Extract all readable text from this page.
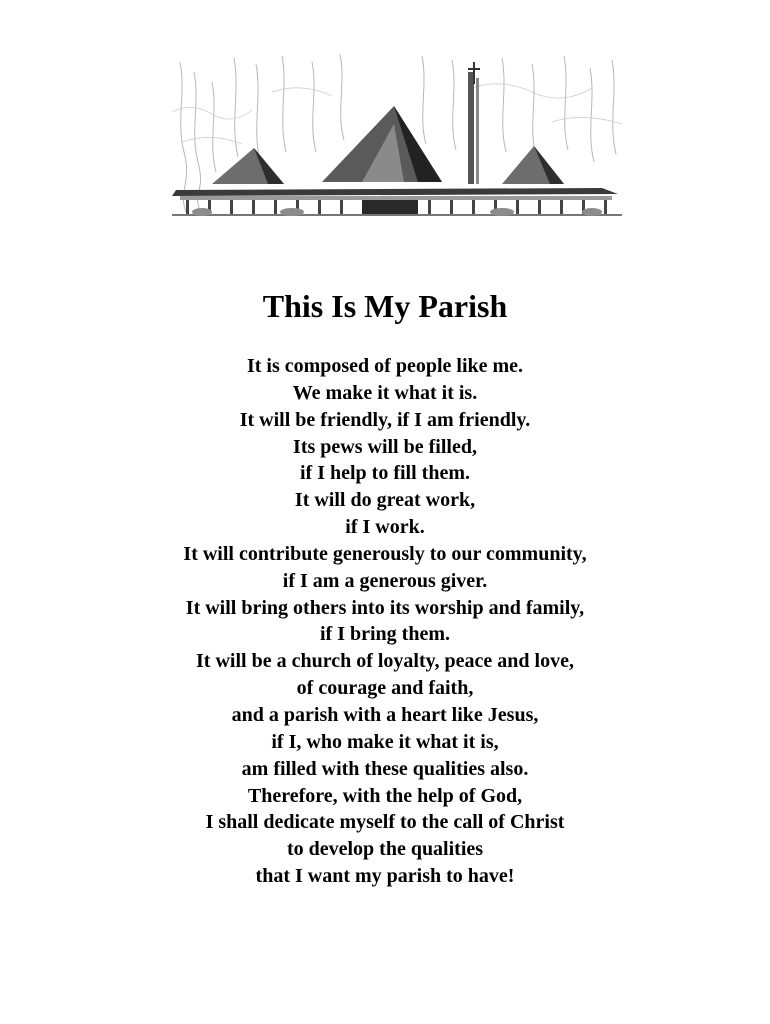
This Is My Parish
It is composed of people like me.
We make it what it is.
It will be friendly, if I am friendly.
Its pews will be filled,
if I help to fill them.
It will do great work,
if I work.
It will contribute generously to our community,
if I am a generous giver.
It will bring others into its worship and family,
if I bring them.
It will be a church of loyalty, peace and love,
of courage and faith,
and a parish with a heart like Jesus,
if I, who make it what it is,
am filled with these qualities also.
Therefore, with the help of God,
I shall dedicate myself to the call of Christ
to develop the qualities
that I want my parish to have!
